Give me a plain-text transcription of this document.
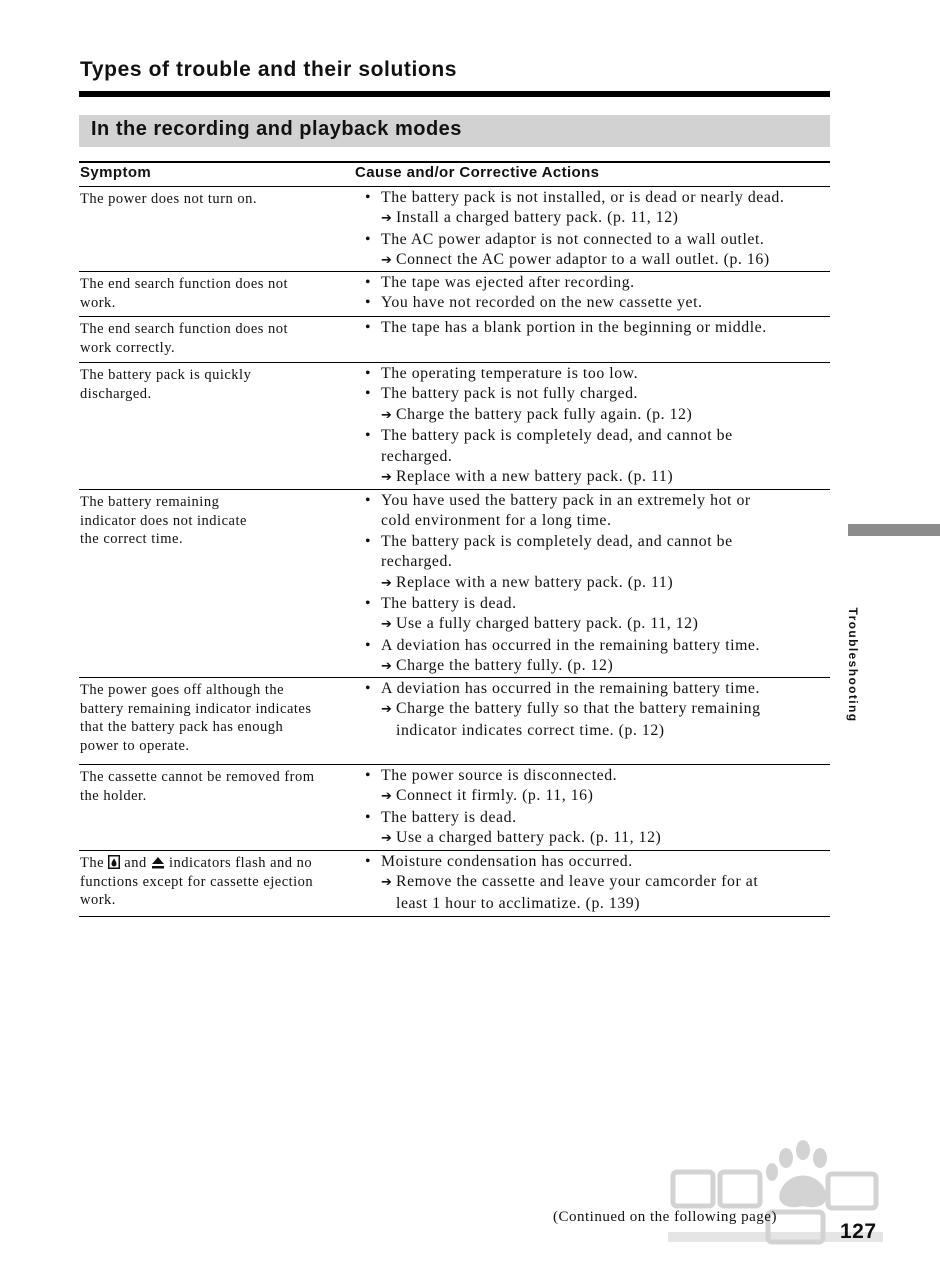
Types of trouble and their solutions
In the recording and playback modes
Symptom	Cause and/or Corrective Actions
The power does not turn on.
•	The battery pack is not installed, or is dead or nearly dead.
➔ Install a charged battery pack. (p. 11, 12)
• The AC power adaptor is not connected to a wall outlet.
➔ Connect the AC power adaptor to a wall outlet. (p. 16)
The end search function does not
work.
• The tape was ejected after recording.
• You have not recorded on the new cassette yet.
The end search function does not
work correctly.
• The tape has a blank portion in the beginning or middle.
The battery pack is quickly
discharged.
• The operating temperature is too low.
• The battery pack is not fully charged.
➔ Charge the battery pack fully again. (p. 12)
• The battery pack is completely dead, and cannot be
recharged.
➔ Replace with a new battery pack. (p. 11)
The battery remaining
indicator does not indicate
the correct time.
• You have used the battery pack in an extremely hot or
cold environment for a long time.
• The battery pack is completely dead, and cannot be
recharged.
➔ Replace with a new battery pack. (p. 11)
• The battery is dead.
➔ Use a fully charged battery pack. (p. 11, 12)
• A deviation has occurred in the remaining battery time.
➔ Charge the battery fully. (p. 12)
The power goes off although the
battery remaining indicator indicates
that the battery pack has enough
power to operate.
• A deviation has occurred in the remaining battery time.
➔ Charge the battery fully so that the battery remaining
indicator indicates correct time. (p. 12)
The cassette cannot be removed from
the holder.
• The power source is disconnected.
➔ Connect it firmly. (p. 11, 16)
• The battery is dead.
➔ Use a charged battery pack. (p. 11, 12)
The  and  indicators flash and no
functions except for cassette ejection
work.
• Moisture condensation has occurred.
➔ Remove the cassette and leave your camcorder for at
least 1 hour to acclimatize. (p. 139)
Troubleshooting
(Continued on the following page)
127
